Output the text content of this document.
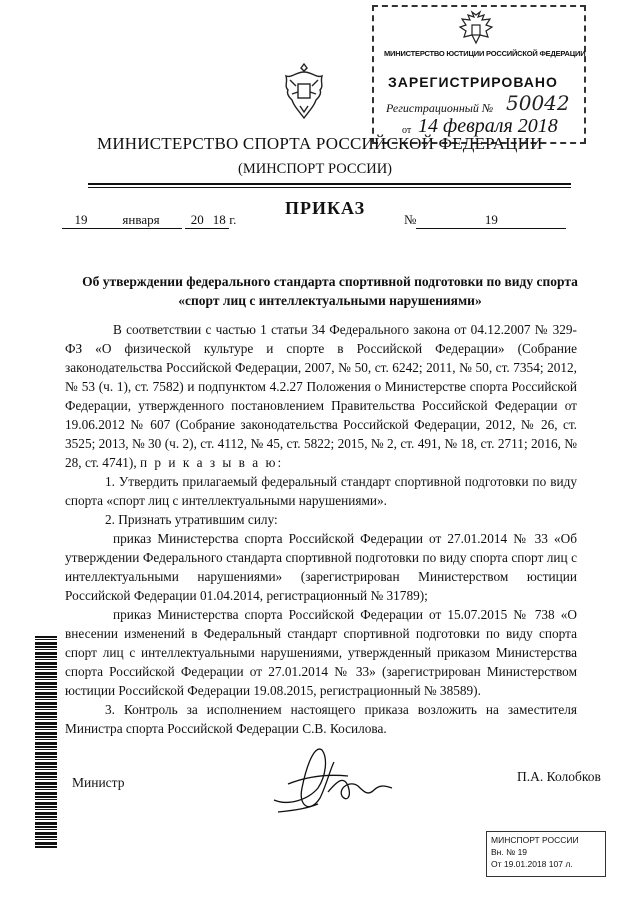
МИНИСТЕРСТВО ЮСТИЦИИ РОССИЙСКОЙ ФЕДЕРАЦИИ
ЗАРЕГИСТРИРОВАНО
Регистрационный № 50042
от 14 февраля 2018
МИНИСТЕРСТВО СПОРТА РОССИЙСКОЙ ФЕДЕРАЦИИ
(МИНСПОРТ РОССИИ)
ПРИКАЗ
19	января 20 18 г.	№	19
Об утверждении федерального стандарта спортивной подготовки по виду спорта «спорт лиц с интеллектуальными нарушениями»

В соответствии с частью 1 статьи 34 Федерального закона от 04.12.2007 № 329-ФЗ «О физической культуре и спорте в Российской Федерации» (Собрание законодательства Российской Федерации, 2007, № 50, ст. 6242; 2011, № 50, ст. 7354; 2012, № 53 (ч. 1), ст. 7582) и подпунктом 4.2.27 Положения о Министерстве спорта Российской Федерации, утвержденного постановлением Правительства Российской Федерации от 19.06.2012 № 607 (Собрание законодательства Российской Федерации, 2012, № 26, ст. 3525; 2013, № 30 (ч. 2), ст. 4112, № 45, ст. 5822; 2015, № 2, ст. 491, № 18, ст. 2711; 2016, № 28, ст. 4741), п р и к а з ы в а ю:

1. Утвердить прилагаемый федеральный стандарт спортивной подготовки по виду спорта «спорт лиц с интеллектуальными нарушениями».

2. Признать утратившим силу:

приказ Министерства спорта Российской Федерации от 27.01.2014 № 33 «Об утверждении Федерального стандарта спортивной подготовки по виду спорта спорт лиц с интеллектуальными нарушениями» (зарегистрирован Министерством юстиции Российской Федерации 01.04.2014, регистрационный № 31789);

приказ Министерства спорта Российской Федерации от 15.07.2015 № 738 «О внесении изменений в Федеральный стандарт спортивной подготовки по виду спорта спорт лиц с интеллектуальными нарушениями, утвержденный приказом Министерства спорта Российской Федерации от 27.01.2014 № 33» (зарегистрирован Министерством юстиции Российской Федерации 19.08.2015, регистрационный № 38589).

3. Контроль за исполнением настоящего приказа возложить на заместителя Министра спорта Российской Федерации С.В. Косилова.

Министр	П.А. Колобков
МИНСПОРТ РОССИИ
Вн. № 19
От 19.01.2018 107 л.
